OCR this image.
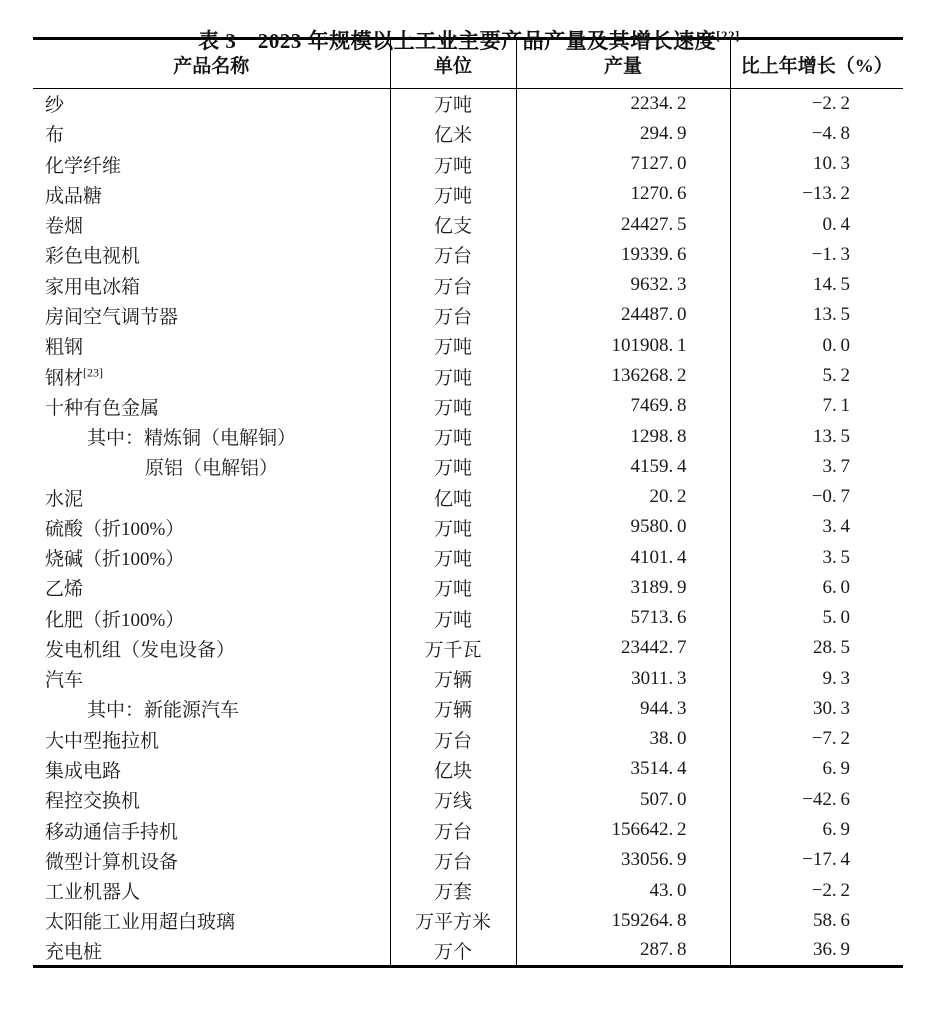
表 3　2023 年规模以上工业主要产品产量及其增长速度[22]
产品名称	单位	产量	比上年增长（%）
纱	万吨	2234. 2	−2. 2
布	亿米	294. 9	−4. 8
化学纤维	万吨	7127. 0	10. 3
成品糖	万吨	1270. 6	−13. 2
卷烟	亿支	24427. 5	0. 4
彩色电视机	万台	19339. 6	−1. 3
家用电冰箱	万台	9632. 3	14. 5
房间空气调节器	万台	24487. 0	13. 5
粗钢	万吨	101908. 1	0. 0
钢材[23]	万吨	136268. 2	5. 2
十种有色金属	万吨	7469. 8	7. 1
其中：精炼铜（电解铜）	万吨	1298. 8	13. 5
原铝（电解铝）	万吨	4159. 4	3. 7
水泥	亿吨	20. 2	−0. 7
硫酸（折100%）	万吨	9580. 0	3. 4
烧碱（折100%）	万吨	4101. 4	3. 5
乙烯	万吨	3189. 9	6. 0
化肥（折100%）	万吨	5713. 6	5. 0
发电机组（发电设备）	万千瓦	23442. 7	28. 5
汽车	万辆	3011. 3	9. 3
其中：新能源汽车	万辆	944. 3	30. 3
大中型拖拉机	万台	38. 0	−7. 2
集成电路	亿块	3514. 4	6. 9
程控交换机	万线	507. 0	−42. 6
移动通信手持机	万台	156642. 2	6. 9
微型计算机设备	万台	33056. 9	−17. 4
工业机器人	万套	43. 0	−2. 2
太阳能工业用超白玻璃	万平方米	159264. 8	58. 6
充电桩	万个	287. 8	36. 9
